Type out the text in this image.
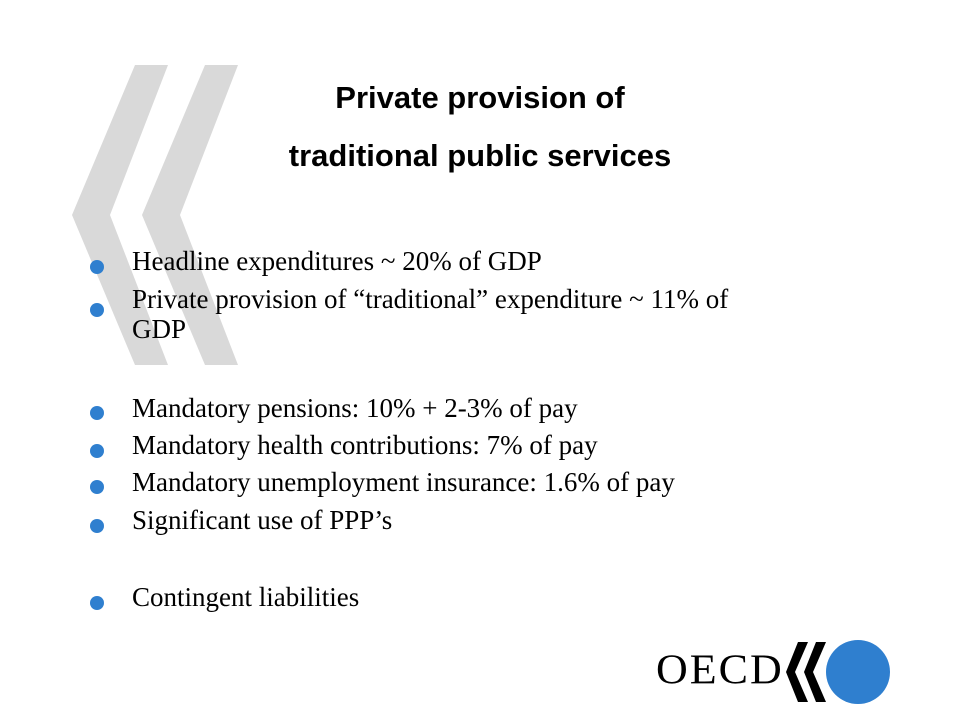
Private provision of
traditional public services
Headline expenditures ~ 20% of GDP
Private provision of “traditional” expenditure ~ 11% of
GDP
Mandatory pensions: 10% + 2-3% of pay
Mandatory health contributions: 7% of pay
Mandatory unemployment insurance: 1.6% of pay
Significant use of PPP’s
Contingent liabilities
OECD
